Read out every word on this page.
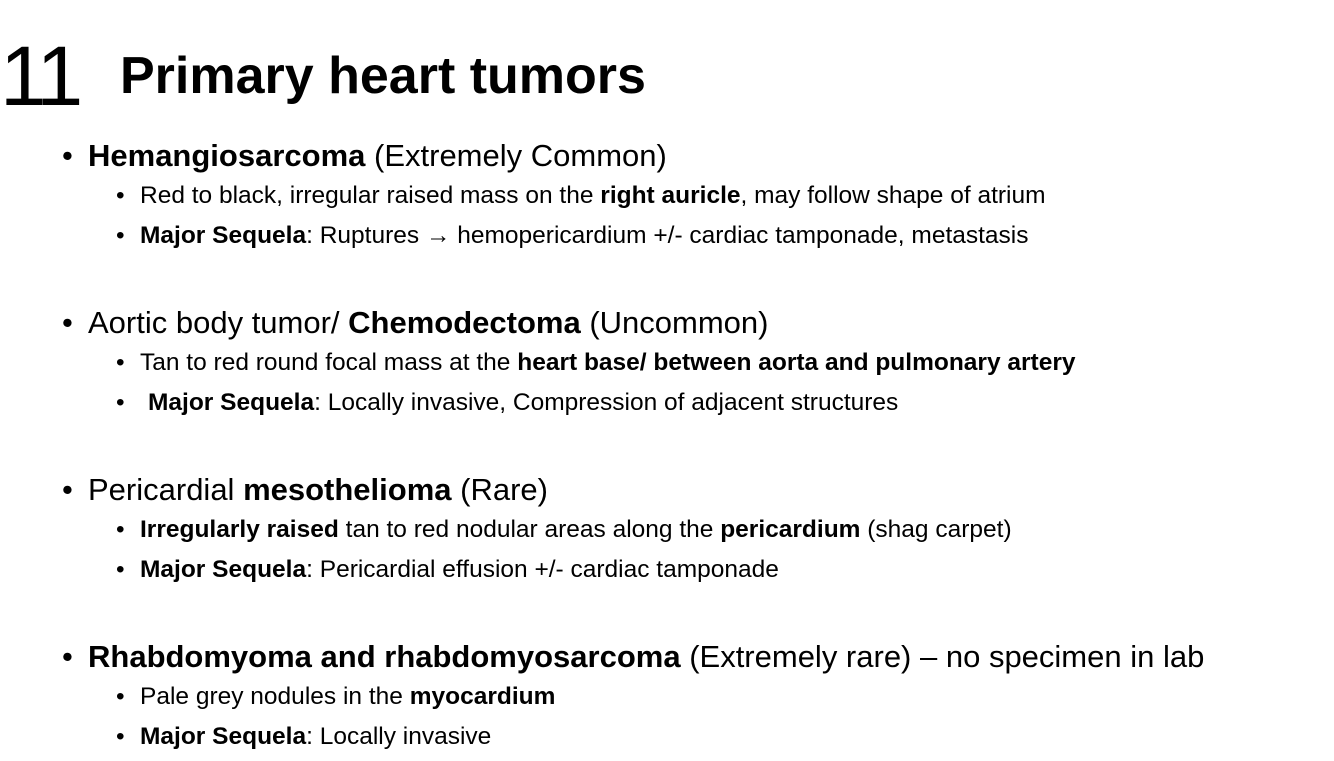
11 Primary heart tumors
• Hemangiosarcoma (Extremely Common)
• Red to black, irregular raised mass on the right auricle, may follow shape of atrium
• Major Sequela: Ruptures → hemopericardium +/- cardiac tamponade, metastasis
• Aortic body tumor/ Chemodectoma (Uncommon)
• Tan to red round focal mass at the heart base/ between aorta and pulmonary artery
• Major Sequela: Locally invasive, Compression of adjacent structures
• Pericardial mesothelioma (Rare)
• Irregularly raised tan to red nodular areas along the pericardium (shag carpet)
• Major Sequela: Pericardial effusion +/- cardiac tamponade
• Rhabdomyoma and rhabdomyosarcoma (Extremely rare) – no specimen in lab
• Pale grey nodules in the myocardium
• Major Sequela: Locally invasive
